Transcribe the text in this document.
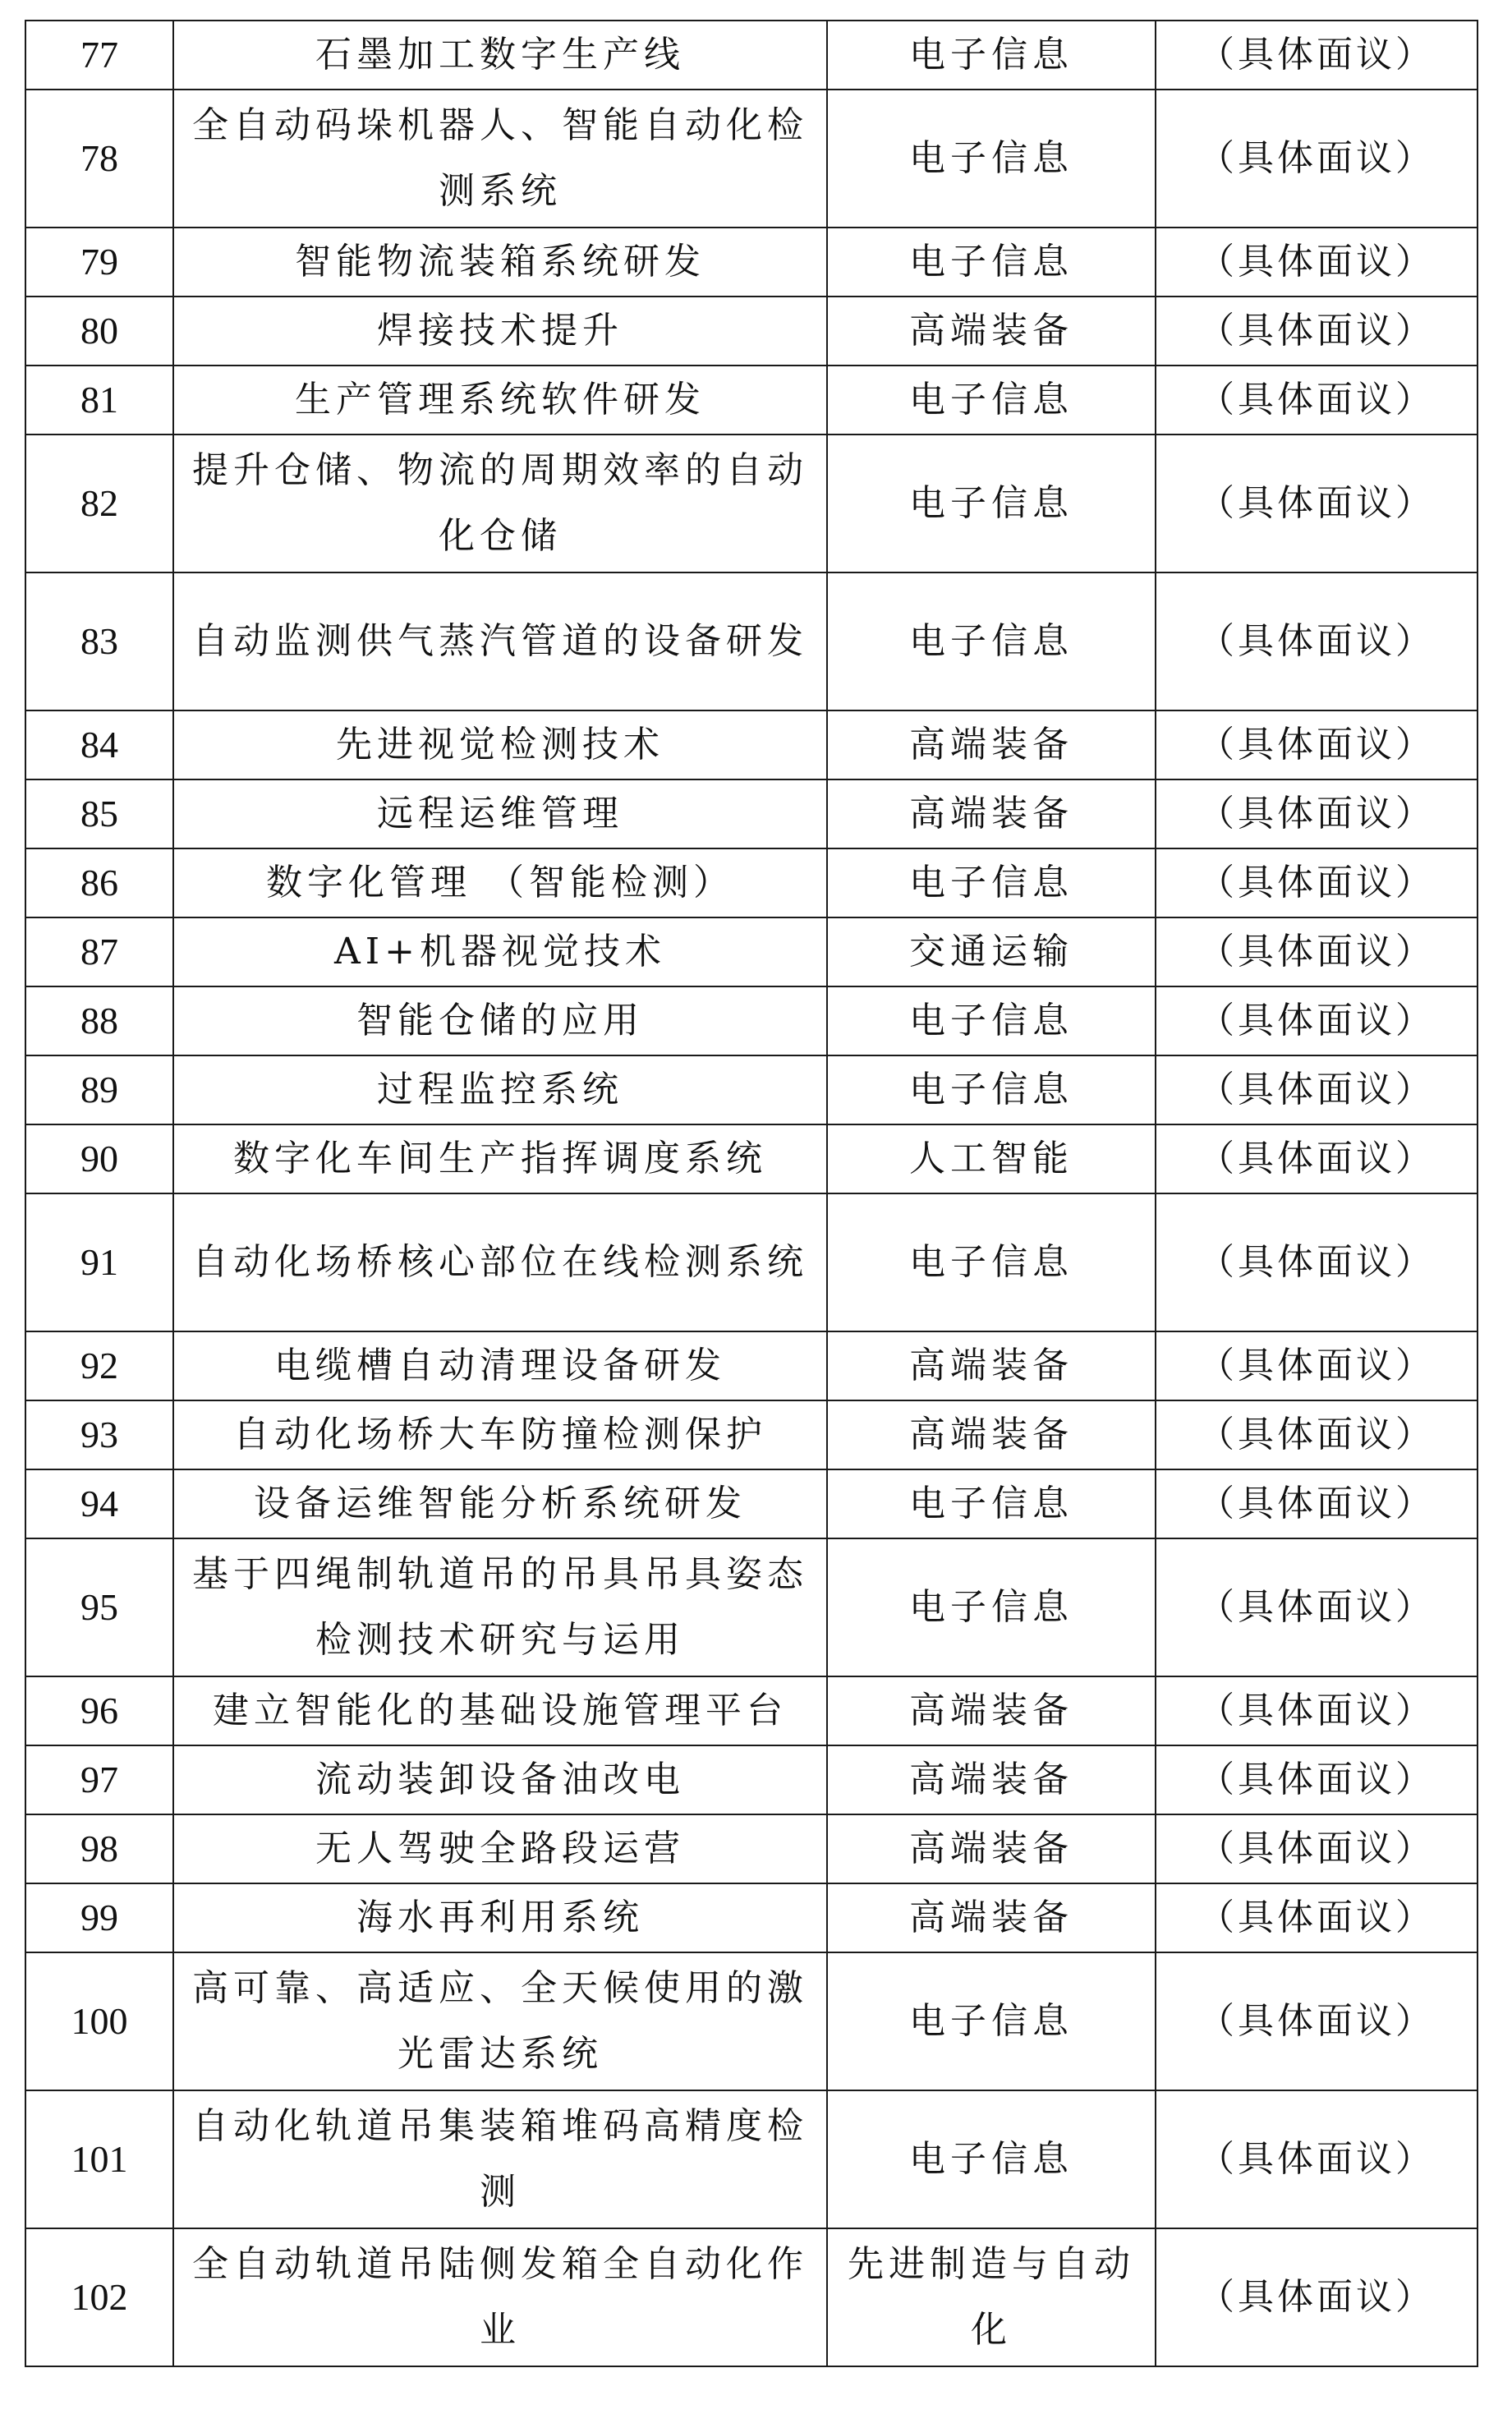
77	石墨加工数字生产线	电子信息	（具体面议）
78	全自动码垛机器人、智能自动化检测系统	电子信息	（具体面议）
79	智能物流装箱系统研发	电子信息	（具体面议）
80	焊接技术提升	高端装备	（具体面议）
81	生产管理系统软件研发	电子信息	（具体面议）
82	提升仓储、物流的周期效率的自动化仓储	电子信息	（具体面议）
83	自动监测供气蒸汽管道的设备研发	电子信息	（具体面议）
84	先进视觉检测技术	高端装备	（具体面议）
85	远程运维管理	高端装备	（具体面议）
86	数字化管理 （智能检测）	电子信息	（具体面议）
87	AI+机器视觉技术	交通运输	（具体面议）
88	智能仓储的应用	电子信息	（具体面议）
89	过程监控系统	电子信息	（具体面议）
90	数字化车间生产指挥调度系统	人工智能	（具体面议）
91	自动化场桥核心部位在线检测系统	电子信息	（具体面议）
92	电缆槽自动清理设备研发	高端装备	（具体面议）
93	自动化场桥大车防撞检测保护	高端装备	（具体面议）
94	设备运维智能分析系统研发	电子信息	（具体面议）
95	基于四绳制轨道吊的吊具吊具姿态检测技术研究与运用	电子信息	（具体面议）
96	建立智能化的基础设施管理平台	高端装备	（具体面议）
97	流动装卸设备油改电	高端装备	（具体面议）
98	无人驾驶全路段运营	高端装备	（具体面议）
99	海水再利用系统	高端装备	（具体面议）
100	高可靠、高适应、全天候使用的激光雷达系统	电子信息	（具体面议）
101	自动化轨道吊集装箱堆码高精度检测	电子信息	（具体面议）
102	全自动轨道吊陆侧发箱全自动化作业	先进制造与自动化	（具体面议）
